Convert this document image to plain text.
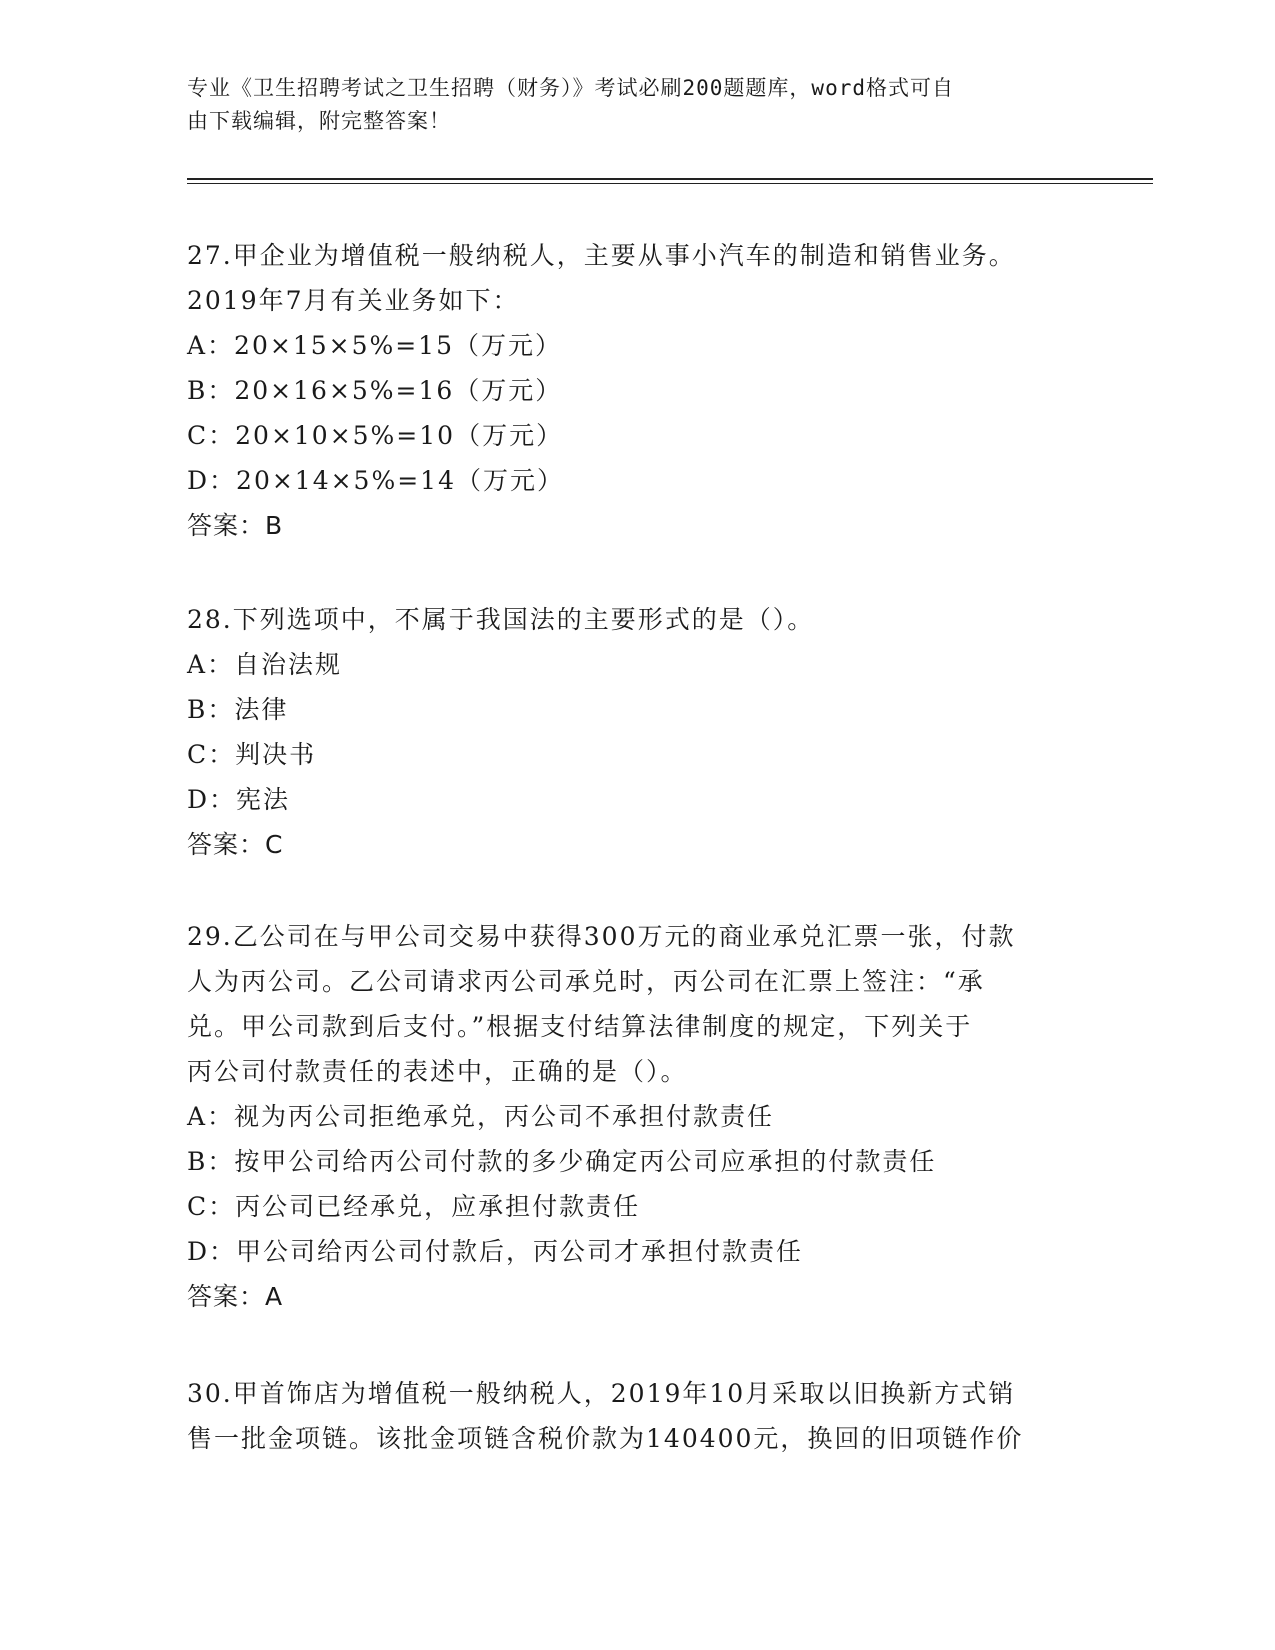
专业《卫生招聘考试之卫生招聘（财务）》考试必刷200题题库，word格式可自
由下载编辑，附完整答案！
27.甲企业为增值税一般纳税人，主要从事小汽车的制造和销售业务。
2019年7月有关业务如下：
A：20×15×5%=15（万元）
B：20×16×5%=16（万元）
C：20×10×5%=10（万元）
D：20×14×5%=14（万元）
答案：B
28.下列选项中，不属于我国法的主要形式的是（）。
A：自治法规
B：法律
C：判决书
D：宪法
答案：C
29.乙公司在与甲公司交易中获得300万元的商业承兑汇票一张，付款
人为丙公司。乙公司请求丙公司承兑时，丙公司在汇票上签注：“承
兑。甲公司款到后支付。”根据支付结算法律制度的规定，下列关于
丙公司付款责任的表述中，正确的是（）。
A：视为丙公司拒绝承兑，丙公司不承担付款责任
B：按甲公司给丙公司付款的多少确定丙公司应承担的付款责任
C：丙公司已经承兑，应承担付款责任
D：甲公司给丙公司付款后，丙公司才承担付款责任
答案：A
30.甲首饰店为增值税一般纳税人，2019年10月采取以旧换新方式销
售一批金项链。该批金项链含税价款为140400元，换回的旧项链作价
